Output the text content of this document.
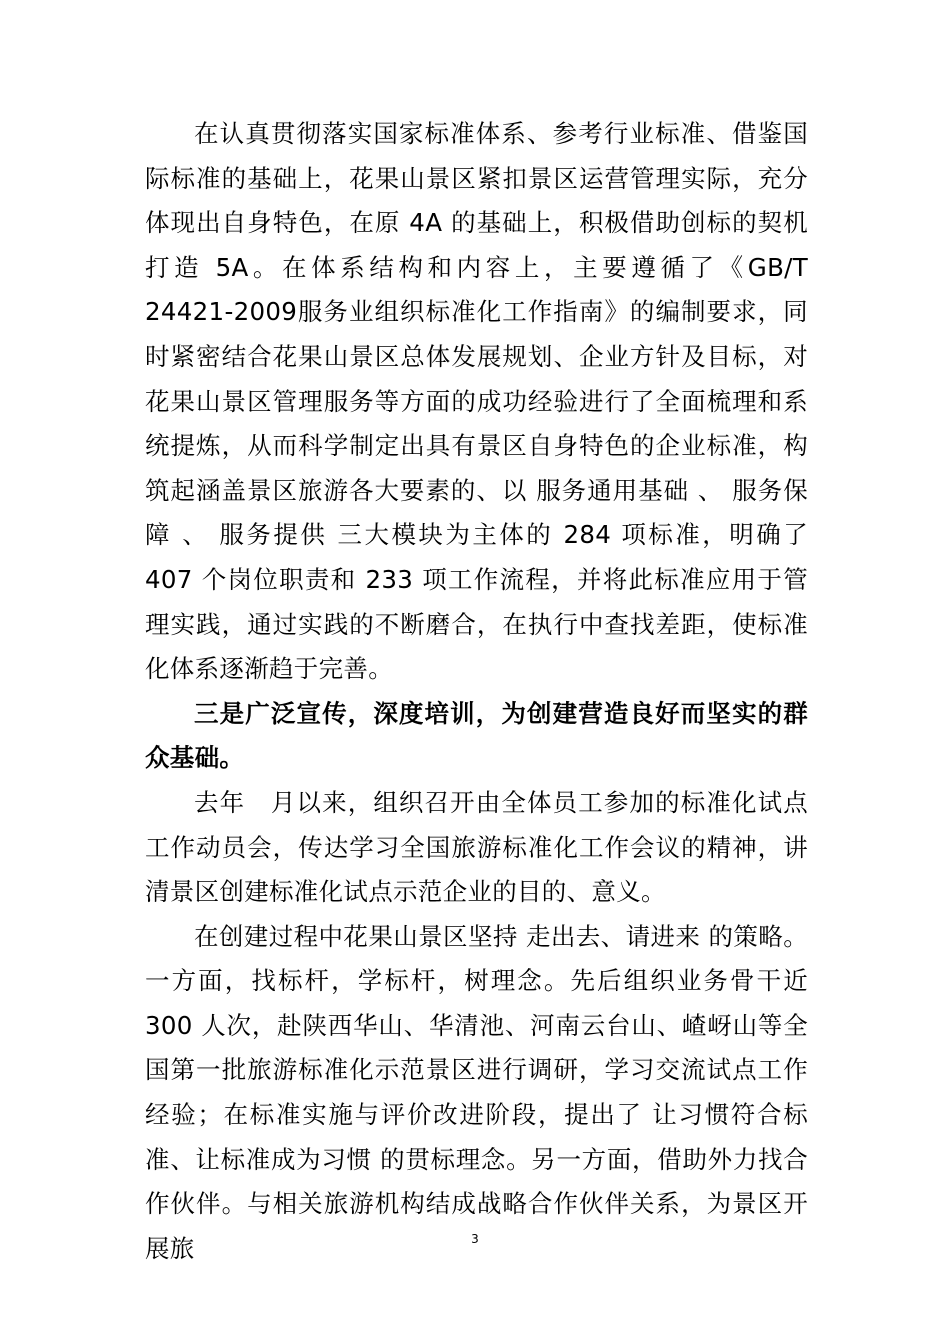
在认真贯彻落实国家标准体系、参考行业标准、借鉴国际标准的基础上，花果山景区紧扣景区运营管理实际，充分体现出自身特色，在原 4A 的基础上，积极借助创标的契机打造 5A。在体系结构和内容上，主要遵循了《GB/T 24421-2009服务业组织标准化工作指南》的编制要求，同时紧密结合花果山景区总体发展规划、企业方针及目标，对花果山景区管理服务等方面的成功经验进行了全面梳理和系统提炼，从而科学制定出具有景区自身特色的企业标准，构筑起涵盖景区旅游各大要素的、以 服务通用基础 、 服务保障 、 服务提供 三大模块为主体的 284 项标准，明确了 407 个岗位职责和 233 项工作流程，并将此标准应用于管理实践，通过实践的不断磨合，在执行中查找差距，使标准化体系逐渐趋于完善。

三是广泛宣传，深度培训，为创建营造良好而坚实的群众基础。

去年　月以来，组织召开由全体员工参加的标准化试点工作动员会，传达学习全国旅游标准化工作会议的精神，讲清景区创建标准化试点示范企业的目的、意义。

在创建过程中花果山景区坚持 走出去、请进来 的策略。一方面，找标杆，学标杆，树理念。先后组织业务骨干近 300 人次，赴陕西华山、华清池、河南云台山、嵖岈山等全国第一批旅游标准化示范景区进行调研，学习交流试点工作经验；在标准实施与评价改进阶段，提出了 让习惯符合标准、让标准成为习惯 的贯标理念。另一方面，借助外力找合作伙伴。与相关旅游机构结成战略合作伙伴关系，为景区开展旅	3
